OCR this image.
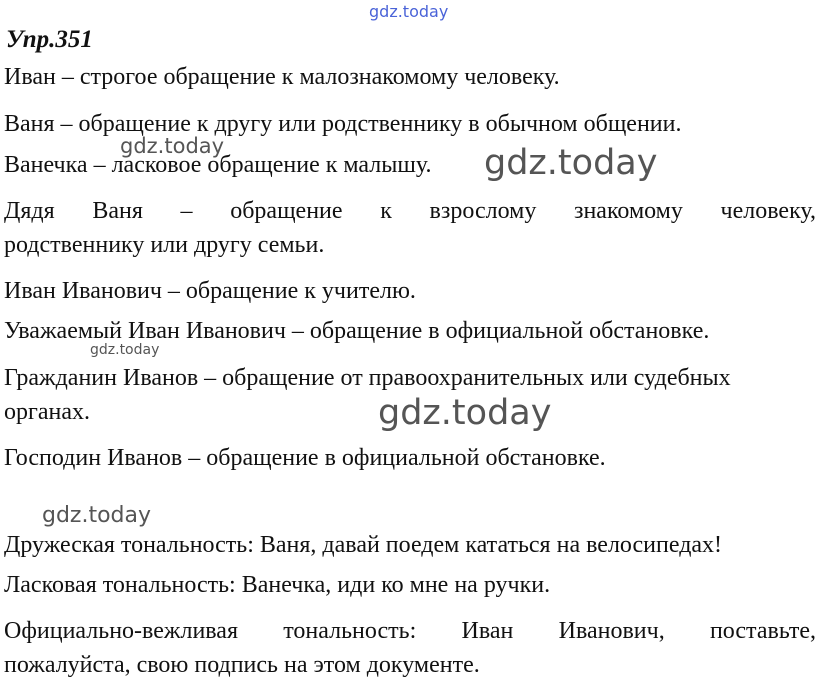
gdz.today
Упр.351
Иван – строгое обращение к малознакомому человеку.
Ваня – обращение к другу или родственнику в обычном общении.
Ванечка – ласковое обращение к малышу.
Дядя Ваня – обращение к взрослому знакомому человеку,
родственнику или другу семьи.
Иван Иванович – обращение к учителю.
Уважаемый Иван Иванович – обращение в официальной обстановке.
Гражданин Иванов – обращение от правоохранительных или судебных
органах.
Господин Иванов – обращение в официальной обстановке.
Дружеская тональность: Ваня, давай поедем кататься на велосипедах!
Ласковая тональность: Ванечка, иди ко мне на ручки.
Официально-вежливая тональность: Иван Иванович, поставьте,
пожалуйста, свою подпись на этом документе.
gdz.today	gdz.today
gdz.today
gdz.today
gdz.today
